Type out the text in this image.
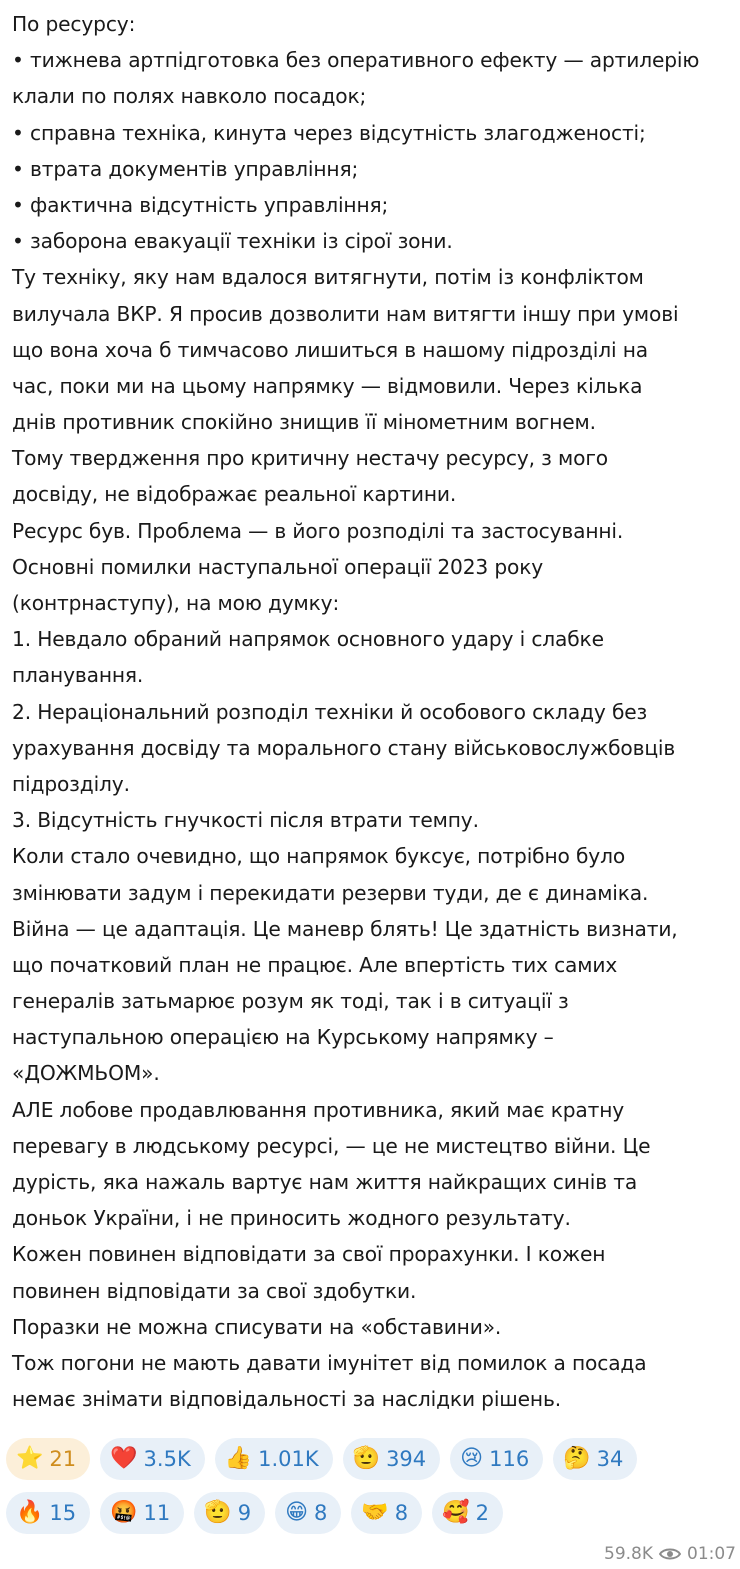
По ресурсу:
• тижнева артпідготовка без оперативного ефекту — артилерію
клали по полях навколо посадок;
• справна техніка, кинута через відсутність злагодженості;
• втрата документів управління;
• фактична відсутність управління;
• заборона евакуації техніки із сірої зони.
Ту техніку, яку нам вдалося витягнути, потім із конфліктом
вилучала ВКР. Я просив дозволити нам витягти іншу при умові
що вона хоча б тимчасово лишиться в нашому підрозділі на
час, поки ми на цьому напрямку — відмовили. Через кілька
днів противник спокійно знищив її мінометним вогнем.
Тому твердження про критичну нестачу ресурсу, з мого
досвіду, не відображає реальної картини.
Ресурс був. Проблема — в його розподілі та застосуванні.
Основні помилки наступальної операції 2023 року
(контрнаступу), на мою думку:
1. Невдало обраний напрямок основного удару і слабке
планування.
2. Нераціональний розподіл техніки й особового складу без
урахування досвіду та морального стану військовослужбовців
підрозділу.
3. Відсутність гнучкості після втрати темпу.
Коли стало очевидно, що напрямок буксує, потрібно було
змінювати задум і перекидати резерви туди, де є динаміка.
Війна — це адаптація. Це маневр блять! Це здатність визнати,
що початковий план не працює. Але впертість тих самих
генералів затьмарює розум як тоді, так і в ситуації з
наступальною операцією на Курському напрямку –
«ДОЖМЬОМ».
АЛЕ лобове продавлювання противника, який має кратну
перевагу в людському ресурсі, — це не мистецтво війни. Це
дурість, яка нажаль вартує нам життя найкращих синів та
доньок України, і не приносить жодного результату.
Кожен повинен відповідати за свої прорахунки. І кожен
повинен відповідати за свої здобутки.
Поразки не можна списувати на «обставини».
Тож погони не мають давати імунітет від помилок а посада
немає знімати відповідальності за наслідки рішень.
⭐ 21 ❤️ 3.5K 👍 1.01K 🫡 394 😢 116 🤔 34
🔥 15 🤬 11 🫡 9 😁 8 🤝 8 🥰 2
59.8K 01:07
